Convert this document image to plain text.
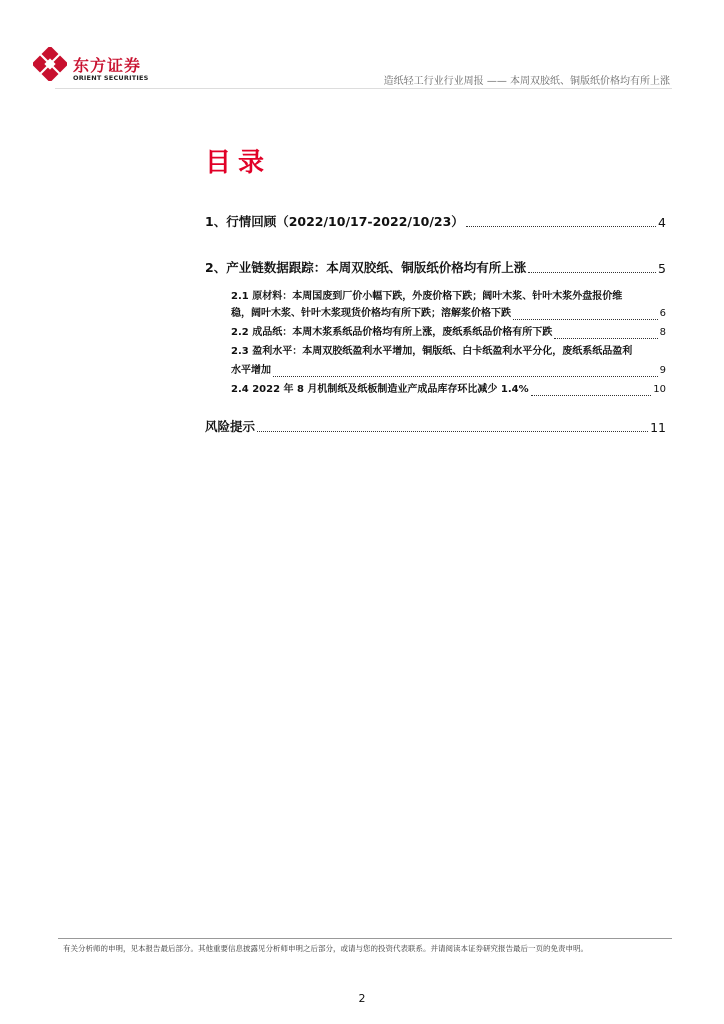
东方证券
ORIENT SECURITIES	造纸轻工行业行业周报 —— 本周双胶纸、铜版纸价格均有所上涨
目录
1、行情回顾（2022/10/17-2022/10/23）	4
2、产业链数据跟踪：本周双胶纸、铜版纸价格均有所上涨	5
2.1 原材料：本周国废到厂价小幅下跌，外废价格下跌；阔叶木浆、针叶木浆外盘报价维
稳，阔叶木浆、针叶木浆现货价格均有所下跌；溶解浆价格下跌	6
2.2 成品纸：本周木浆系纸品价格均有所上涨，废纸系纸品价格有所下跌	8
2.3 盈利水平：本周双胶纸盈利水平增加，铜版纸、白卡纸盈利水平分化，废纸系纸品盈利
水平增加	9
2.4 2022 年 8 月机制纸及纸板制造业产成品库存环比减少 1.4%	10
风险提示	11
有关分析师的申明，见本报告最后部分。其他重要信息披露见分析师申明之后部分，或请与您的投资代表联系。并请阅读本证券研究报告最后一页的免责申明。
2
